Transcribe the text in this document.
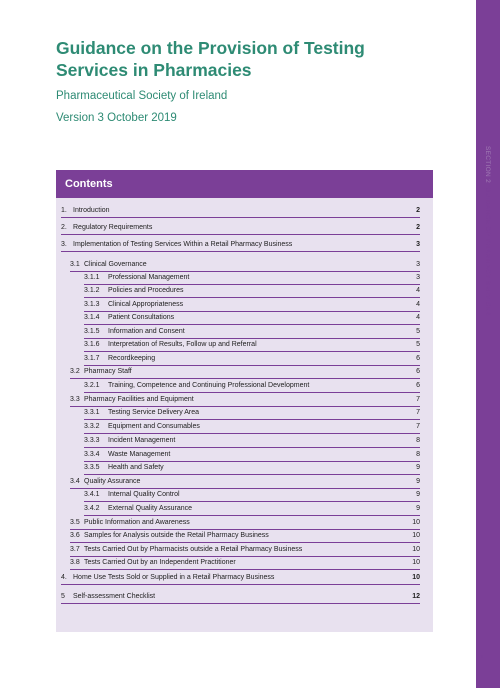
Guidance on the Provision of Testing Services in Pharmacies
Pharmaceutical Society of Ireland
Version 3 October 2019
SECTION 2  GUIDANCE ON PHARMACY SERVICES
1
Contents
1. Introduction	2
2. Regulatory Requirements	2
3. Implementation of Testing Services Within a Retail Pharmacy Business	3
3.1 Clinical Governance	3
3.1.1 Professional Management	3
3.1.2 Policies and Procedures	4
3.1.3 Clinical Appropriateness	4
3.1.4 Patient Consultations	4
3.1.5 Information and Consent	5
3.1.6 Interpretation of Results, Follow up and Referral	5
3.1.7 Recordkeeping	6
3.2 Pharmacy Staff	6
3.2.1 Training, Competence and Continuing Professional Development	6
3.3 Pharmacy Facilities and Equipment	7
3.3.1 Testing Service Delivery Area	7
3.3.2 Equipment and Consumables	7
3.3.3 Incident Management	8
3.3.4 Waste Management	8
3.3.5 Health and Safety	9
3.4 Quality Assurance	9
3.4.1 Internal Quality Control	9
3.4.2 External Quality Assurance	9
3.5 Public Information and Awareness	10
3.6 Samples for Analysis outside the Retail Pharmacy Business	10
3.7 Tests Carried Out by Pharmacists outside a Retail Pharmacy Business	10
3.8 Tests Carried Out by an Independent Practitioner	10
4. Home Use Tests Sold or Supplied in a Retail Pharmacy Business	10
5 Self-assessment Checklist	12
